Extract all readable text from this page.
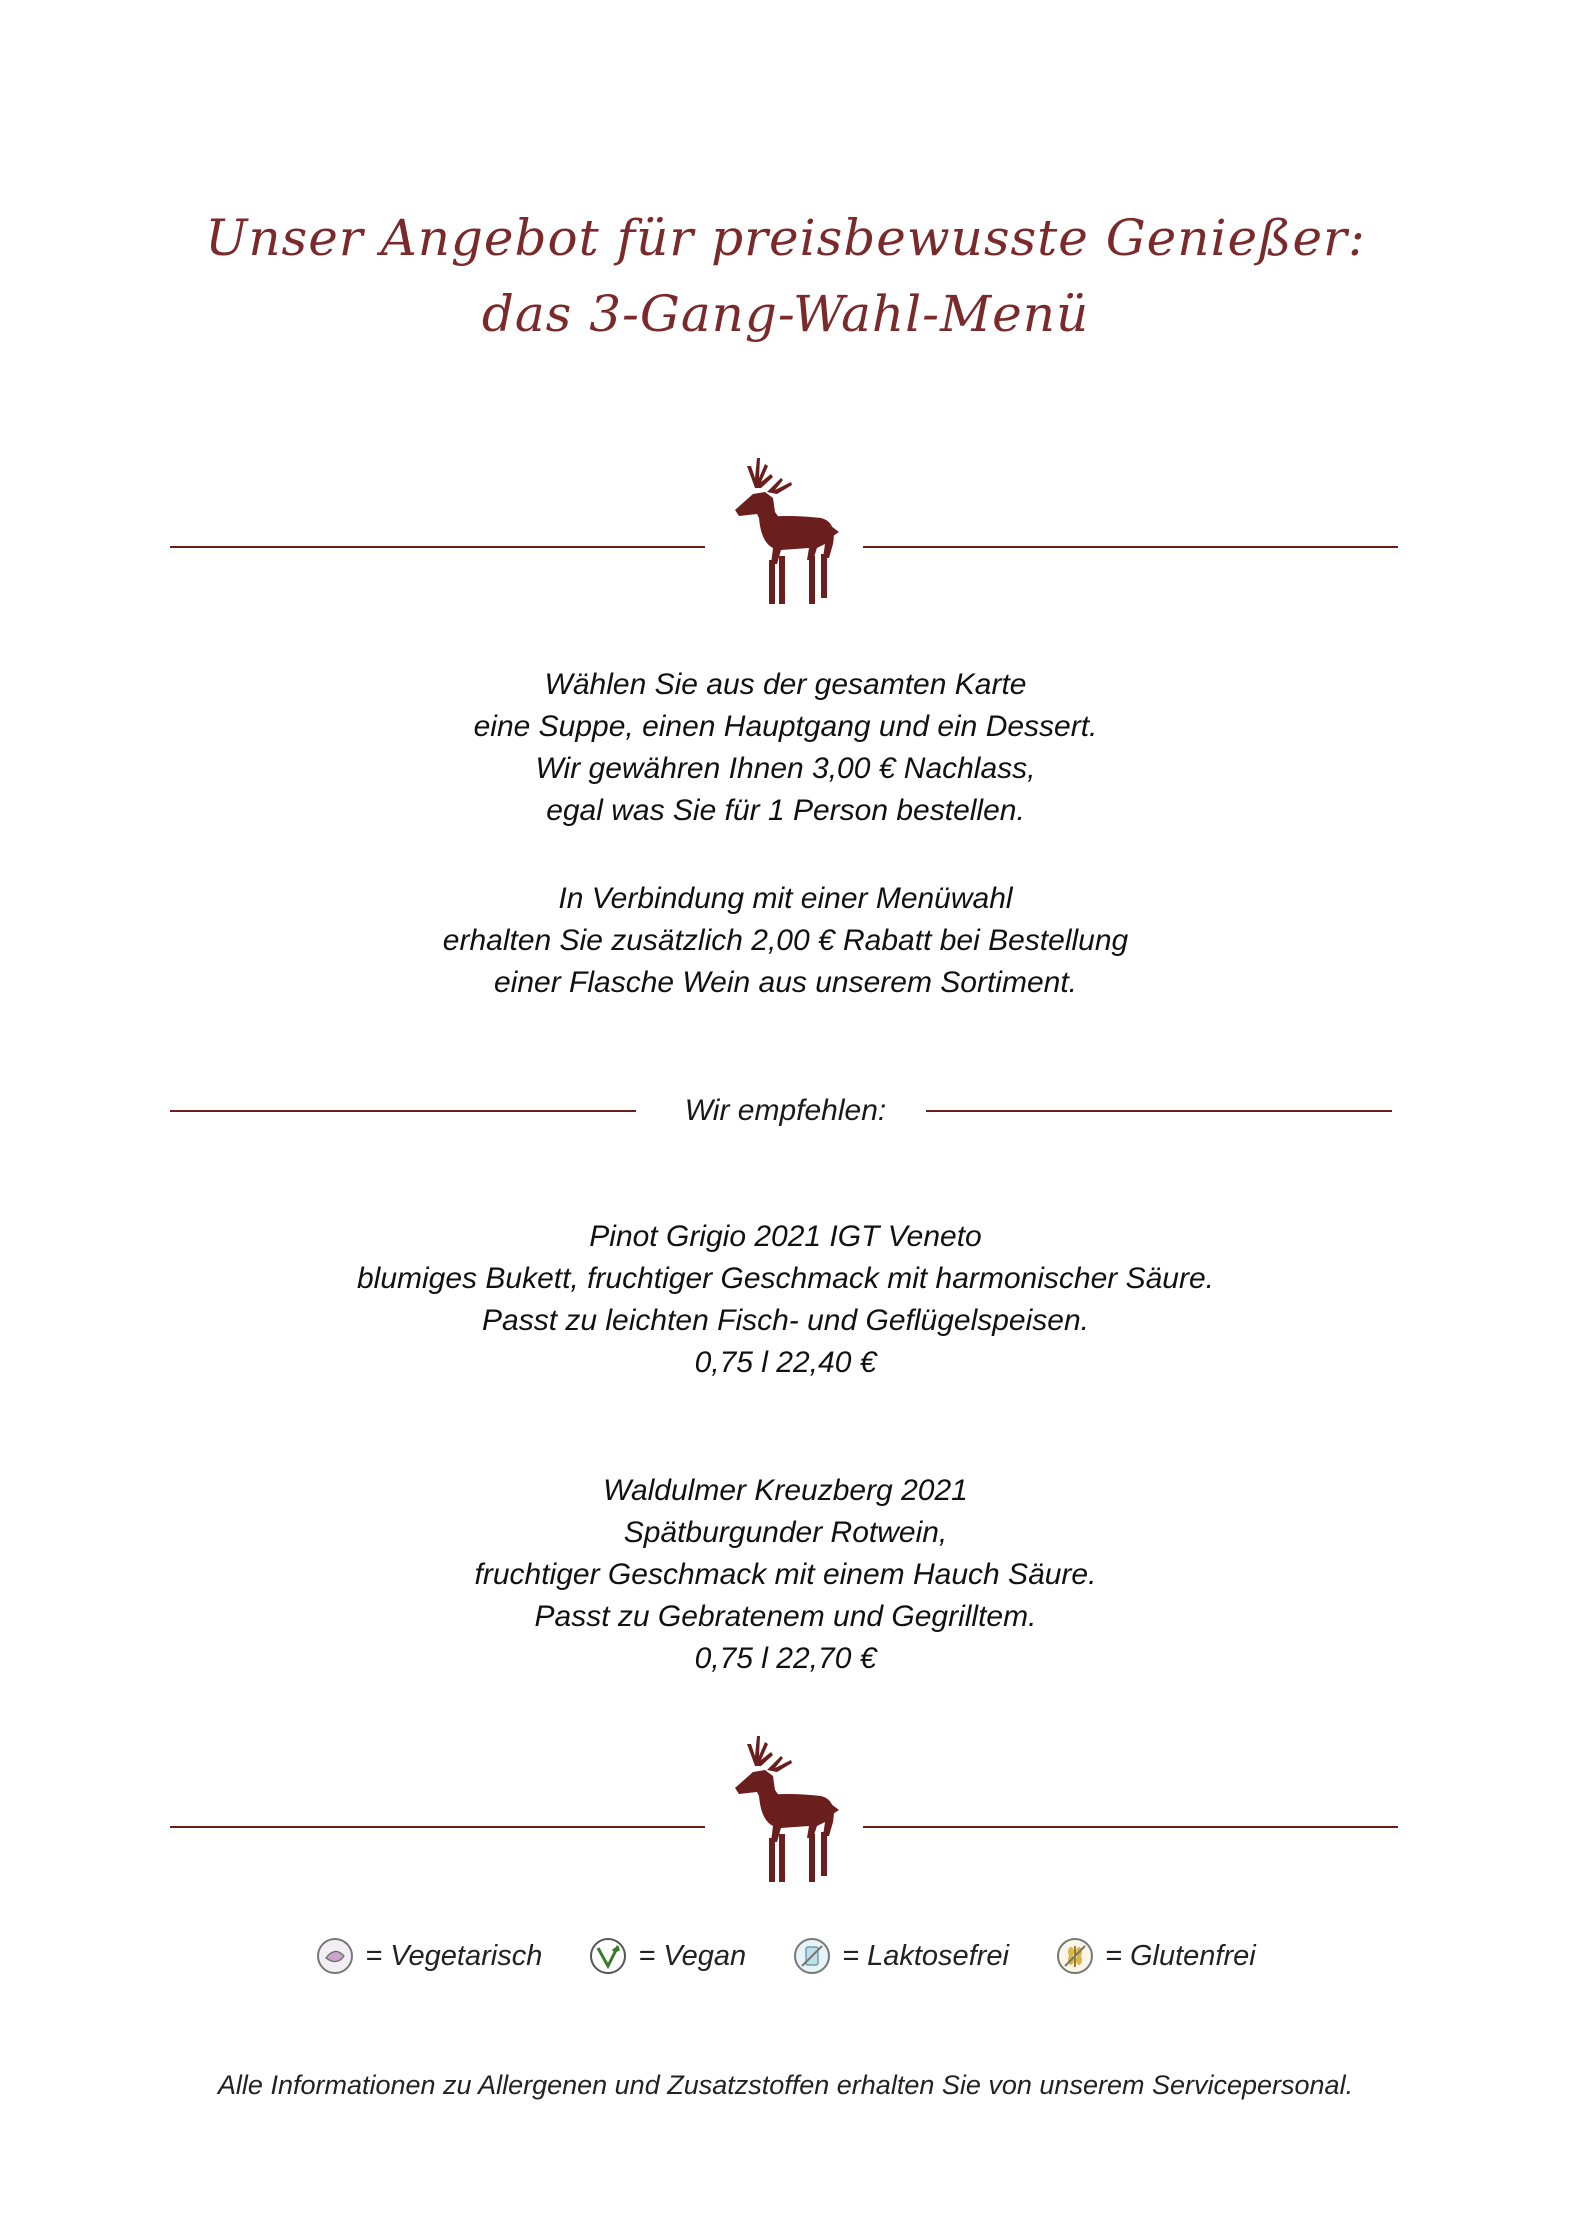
Unser Angebot für preisbewusste Genießer:
das 3-Gang-Wahl-Menü
Wählen Sie aus der gesamten Karte
eine Suppe, einen Hauptgang und ein Dessert.
Wir gewähren Ihnen 3,00 € Nachlass,
egal was Sie für 1 Person bestellen.
In Verbindung mit einer Menüwahl
erhalten Sie zusätzlich 2,00 € Rabatt bei Bestellung
einer Flasche Wein aus unserem Sortiment.
Wir empfehlen:
Pinot Grigio 2021 IGT Veneto
blumiges Bukett, fruchtiger Geschmack mit harmonischer Säure.
Passt zu leichten Fisch- und Geflügelspeisen.
0,75 l 22,40 €
Waldulmer Kreuzberg 2021
Spätburgunder Rotwein,
fruchtiger Geschmack mit einem Hauch Säure.
Passt zu Gebratenem und Gegrilltem.
0,75 l 22,70 €
= Vegetarisch	= Vegan	= Laktosefrei	= Glutenfrei
Alle Informationen zu Allergenen und Zusatzstoffen erhalten Sie von unserem Servicepersonal.
